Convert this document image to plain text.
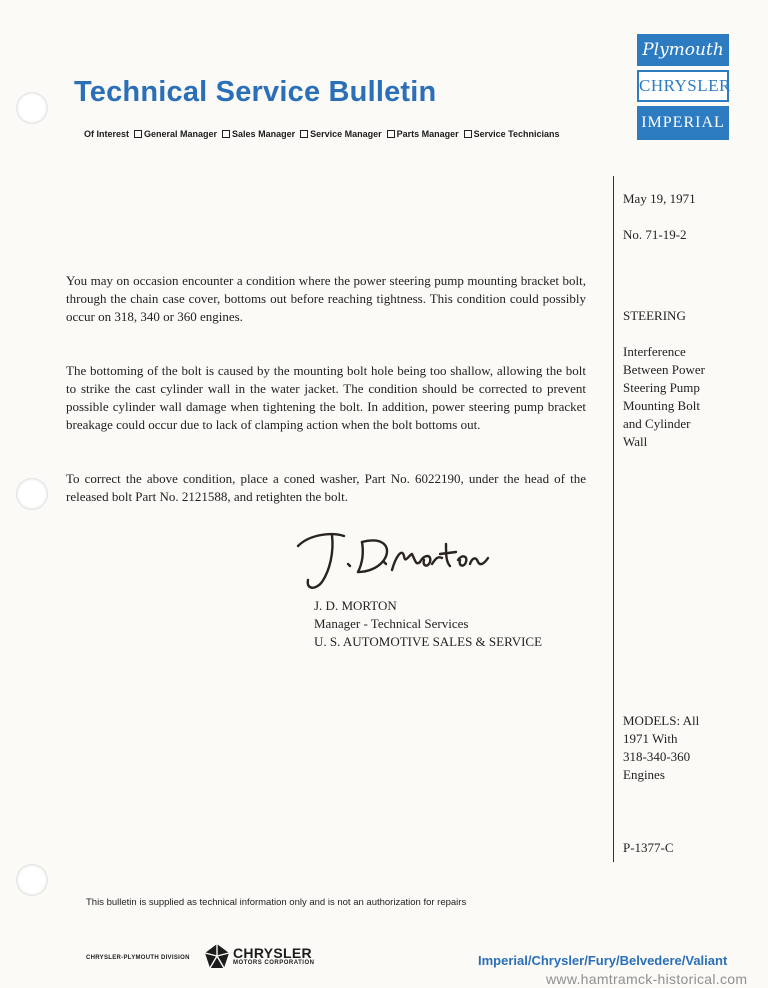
Technical Service Bulletin
Of Interest General Manager Sales Manager Service Manager Parts Manager Service Technicians
Plymouth
CHRYSLER
IMPERIAL
May 19, 1971
No. 71-19-2
STEERING
Interference
Between Power
Steering Pump
Mounting Bolt
and Cylinder
Wall
MODELS: All
1971 With
318-340-360
Engines
P-1377-C

You may on occasion encounter a condition where the power steering pump mounting bracket bolt, through the chain case cover, bottoms out before reaching tightness. This condition could possibly occur on 318, 340 or 360 engines.

The bottoming of the bolt is caused by the mounting bolt hole being too shallow, allowing the bolt to strike the cast cylinder wall in the water jacket. The condition should be corrected to prevent possible cylinder wall damage when tightening the bolt. In addition, power steering pump bracket breakage could occur due to lack of clamping action when the bolt bottoms out.

To correct the above condition, place a coned washer, Part No. 6022190, under the head of the released bolt Part No. 2121588, and retighten the bolt.

J. D. MORTON
Manager - Technical Services
U. S. AUTOMOTIVE SALES & SERVICE
This bulletin is supplied as technical information only and is not an authorization for repairs
CHRYSLER-PLYMOUTH DIVISION	CHRYSLER
MOTORS CORPORATION	Imperial/Chrysler/Fury/Belvedere/Valiant
www.hamtramck-historical.com
